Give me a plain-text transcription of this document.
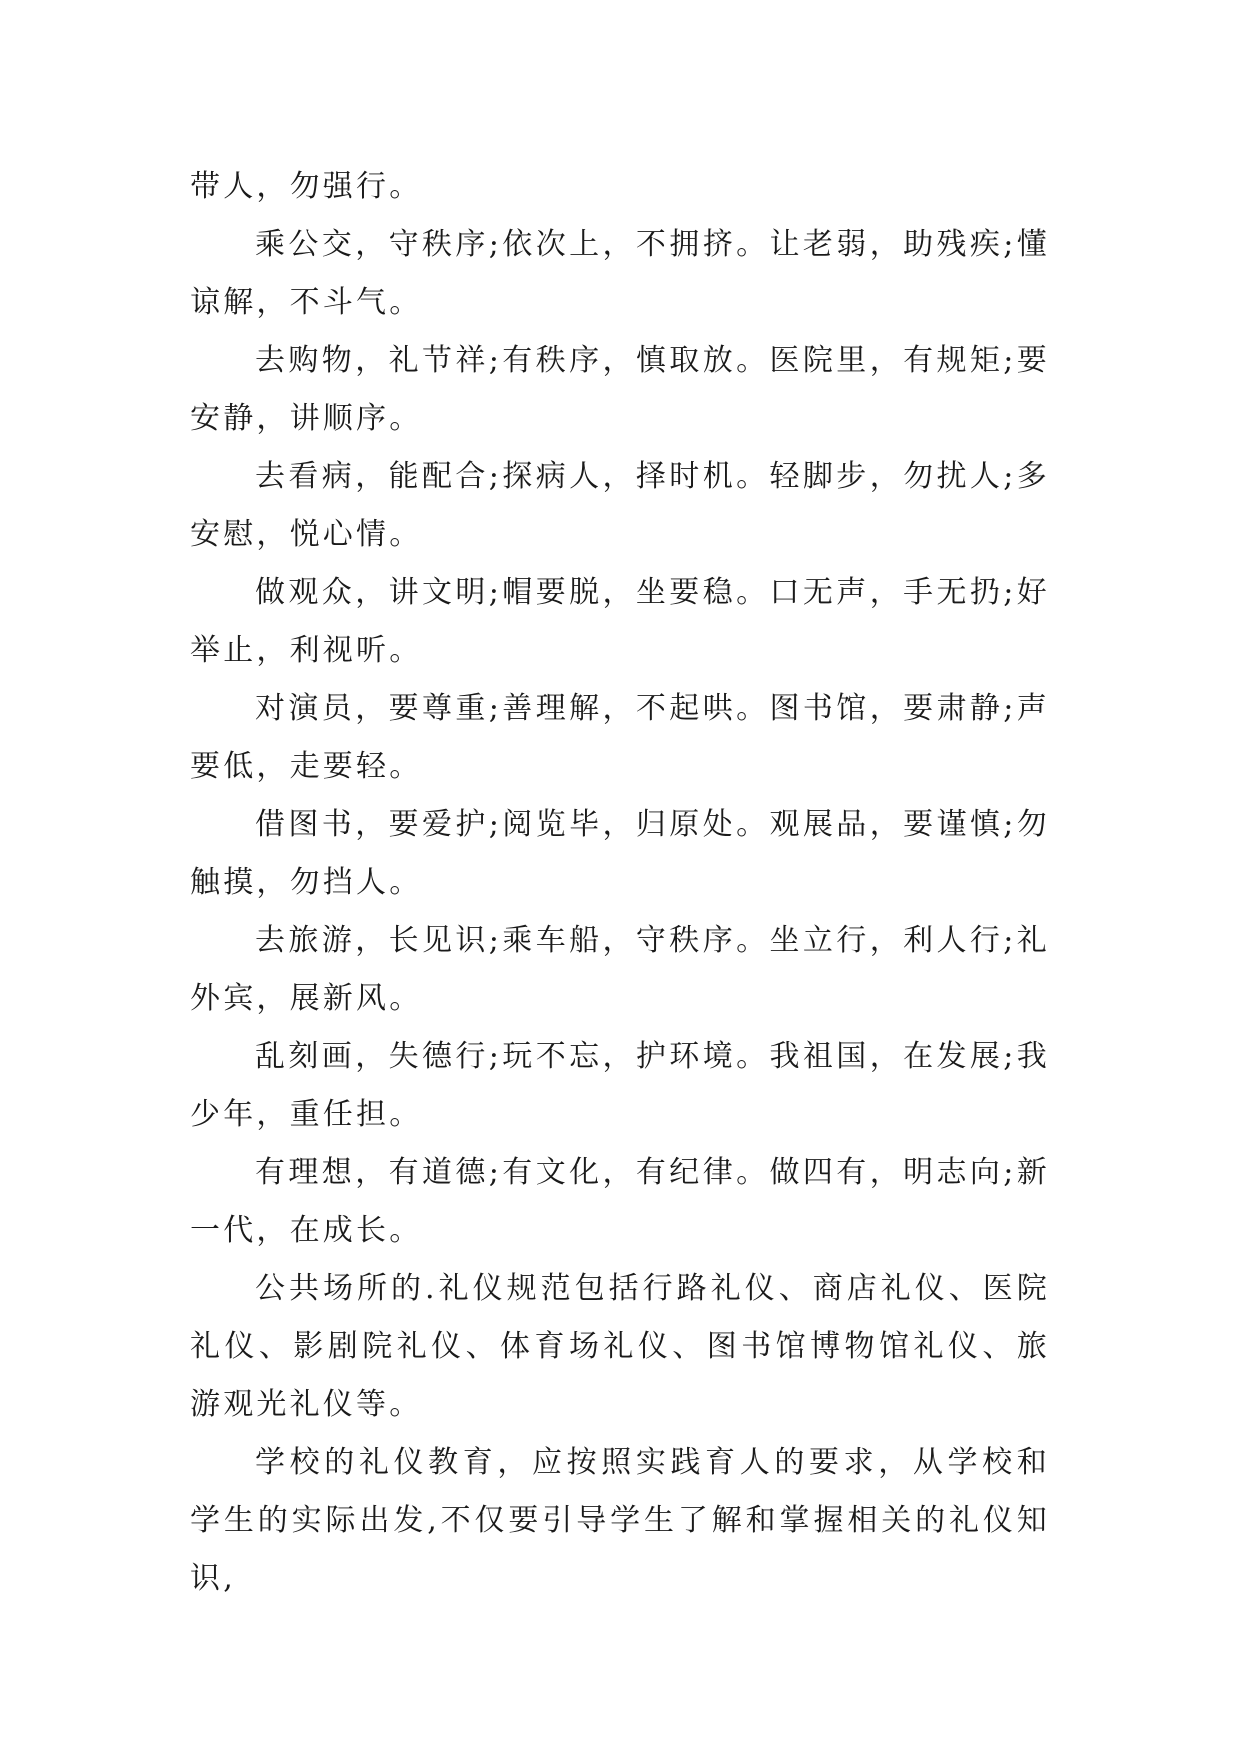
带人，勿强行。

乘公交，守秩序;依次上，不拥挤。让老弱，助残疾;懂谅解，不斗气。

去购物，礼节祥;有秩序，慎取放。医院里，有规矩;要安静，讲顺序。

去看病，能配合;探病人，择时机。轻脚步，勿扰人;多安慰，悦心情。

做观众，讲文明;帽要脱，坐要稳。口无声，手无扔;好举止，利视听。

对演员，要尊重;善理解，不起哄。图书馆，要肃静;声要低，走要轻。

借图书，要爱护;阅览毕，归原处。观展品，要谨慎;勿触摸，勿挡人。

去旅游，长见识;乘车船，守秩序。坐立行，利人行;礼外宾，展新风。

乱刻画，失德行;玩不忘，护环境。我祖国，在发展;我少年，重任担。

有理想，有道德;有文化，有纪律。做四有，明志向;新一代，在成长。

公共场所的.礼仪规范包括行路礼仪、商店礼仪、医院礼仪、影剧院礼仪、体育场礼仪、图书馆博物馆礼仪、旅游观光礼仪等。

学校的礼仪教育，应按照实践育人的要求，从学校和学生的实际出发,不仅要引导学生了解和掌握相关的礼仪知识,
